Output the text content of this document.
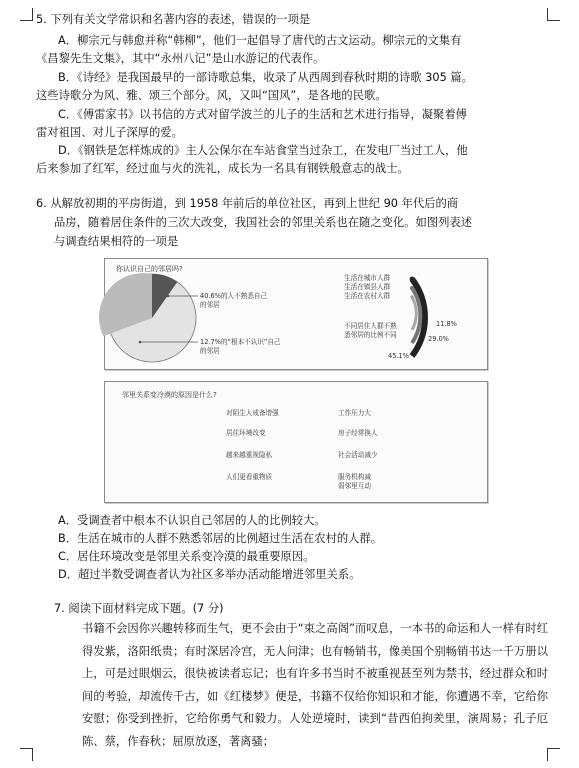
5. 下列有关文学常识和名著内容的表述，错误的一项是
A．柳宗元与韩愈并称“韩柳”，他们一起倡导了唐代的古文运动。柳宗元的文集有
《昌黎先生文集》，其中“永州八记”是山水游记的代表作。
B．《诗经》是我国最早的一部诗歌总集，收录了从西周到春秋时期的诗歌 305 篇。
这些诗歌分为风、雅、颂三个部分。风，又叫“国风”，是各地的民歌。
C．《傅雷家书》以书信的方式对留学波兰的儿子的生活和艺术进行指导，凝聚着傅
雷对祖国、对儿子深厚的爱。
D．《钢铁是怎样炼成的》主人公保尔在车站食堂当过杂工，在发电厂当过工人，他
后来参加了红军，经过血与火的洗礼，成长为一名具有钢铁般意志的战士。
6. 从解放初期的平房街道，到 1958 年前后的单位社区，再到上世纪 90 年代后的商
品房，随着居住条件的三次大改变，我国社会的邻里关系也在随之变化。如图列表述
与调查结果相符的一项是
你认识自己的邻居吗?
40.6%的人不熟悉自己
的邻居
12.7%的“根本不认识”自己
的邻居
生活在城市人群
生活在镇县人群
生活在农村人群
不同居住人群不熟
悉邻居的比例不同
11.8%
29.0%
45.1%
邻里关系变冷漠的原因是什么?
对陌生人戒备增强
居住环境改变
越来越重视隐私
人们更看重物质
工作压力大
房子经常换人
社会活动减少
服务机构减
弱邻里互动
A．受调查者中根本不认识自己邻居的人的比例较大。
B．生活在城市的人群不熟悉邻居的比例超过生活在农村的人群。
C．居住环境改变是邻里关系变冷漠的最重要原因。
D．超过半数受调查者认为社区多举办活动能增进邻里关系。
7. 阅读下面材料完成下题。(7 分)
书籍不会因你兴趣转移而生气，更不会由于“束之高阁”而叹息，一本书的命运和人一样有时红得发紫，洛阳纸贵；有时深居冷宫，无人问津；也有畅销书，像美国个别畅销书达一千万册以上，可是过眼烟云，很快被读者忘记；也有许多书当时不被重视甚至列为禁书，经过群众和时间的考验，却流传千古，如《红楼梦》便是，书籍不仅给你知识和才能，你遭遇不幸，它给你安慰；你受到挫折，它给你勇气和毅力。人处逆境时，读到“昔西伯拘羑里，演周易；孔子厄陈、蔡，作春秋；屈原放逐，著离骚；
